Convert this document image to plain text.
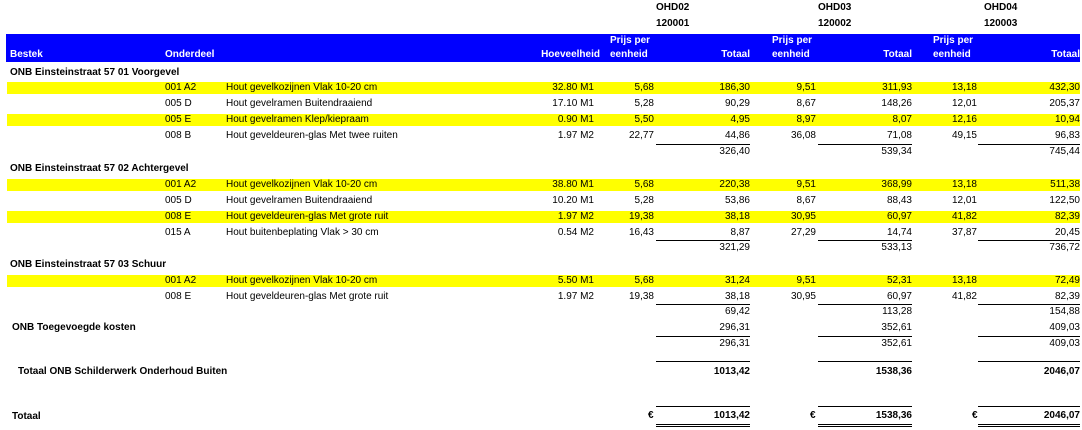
OHD02
120001
OHD03
120002
OHD04
120003
Bestek	Onderdeel	Hoeveelheid
Prijs per
eenheid	Totaal
Prijs per
eenheid	Totaal
Prijs per
eenheid	Totaal
ONB Einsteinstraat 57 01 Voorgevel
001 A2	Hout gevelkozijnen Vlak 10-20 cm	32.80 M1	5,68	186,30	9,51	311,93	13,18	432,30
005 D	Hout gevelramen Buitendraaiend	17.10 M1	5,28	90,29	8,67	148,26	12,01	205,37
005 E	Hout gevelramen Klep/kiepraam	0.90 M1	5,50	4,95	8,97	8,07	12,16	10,94
008 B	Hout geveldeuren-glas Met twee ruiten	1.97 M2	22,77	44,86	36,08	71,08	49,15	96,83
326,40	539,34	745,44
ONB Einsteinstraat 57 02 Achtergevel
001 A2	Hout gevelkozijnen Vlak 10-20 cm	38.80 M1	5,68	220,38	9,51	368,99	13,18	511,38
005 D	Hout gevelramen Buitendraaiend	10.20 M1	5,28	53,86	8,67	88,43	12,01	122,50
008 E	Hout geveldeuren-glas Met grote ruit	1.97 M2	19,38	38,18	30,95	60,97	41,82	82,39
015 A	Hout buitenbeplating Vlak > 30 cm	0.54 M2	16,43	8,87	27,29	14,74	37,87	20,45
321,29	533,13	736,72
ONB Einsteinstraat 57 03 Schuur
001 A2	Hout gevelkozijnen Vlak 10-20 cm	5.50 M1	5,68	31,24	9,51	52,31	13,18	72,49
008 E	Hout geveldeuren-glas Met grote ruit	1.97 M2	19,38	38,18	30,95	60,97	41,82	82,39
69,42	113,28	154,88
ONB Toegevoegde kosten	296,31	352,61	409,03
296,31	352,61	409,03
Totaal ONB Schilderwerk Onderhoud Buiten	1013,42	1538,36	2046,07
Totaal	€	1013,42	€	1538,36	€	2046,07
